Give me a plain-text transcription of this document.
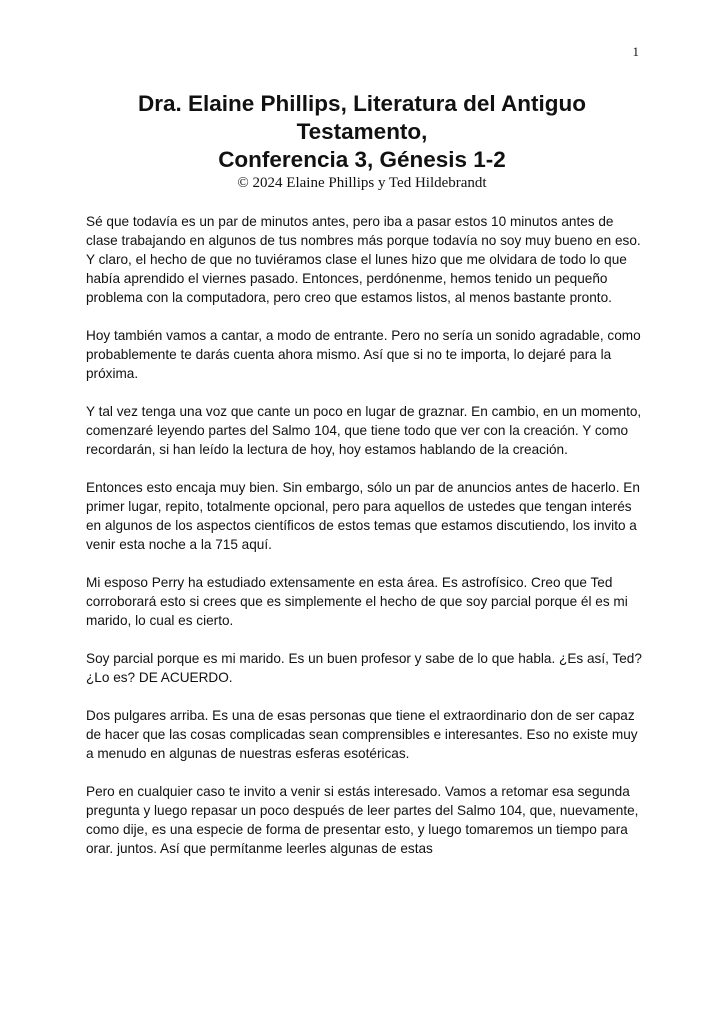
1
Dra. Elaine Phillips, Literatura del Antiguo
Testamento,
Conferencia 3, Génesis 1-2

© 2024 Elaine Phillips y Ted Hildebrandt

Sé que todavía es un par de minutos antes, pero iba a pasar estos 10 minutos antes de clase trabajando en algunos de tus nombres más porque todavía no soy muy bueno en eso. Y claro, el hecho de que no tuviéramos clase el lunes hizo que me olvidara de todo lo que había aprendido el viernes pasado. Entonces, perdónenme, hemos tenido un pequeño problema con la computadora, pero creo que estamos listos, al menos bastante pronto.

Hoy también vamos a cantar, a modo de entrante. Pero no sería un sonido agradable, como probablemente te darás cuenta ahora mismo. Así que si no te importa, lo dejaré para la próxima.

Y tal vez tenga una voz que cante un poco en lugar de graznar. En cambio, en un momento, comenzaré leyendo partes del Salmo 104, que tiene todo que ver con la creación. Y como recordarán, si han leído la lectura de hoy, hoy estamos hablando de la creación.

Entonces esto encaja muy bien. Sin embargo, sólo un par de anuncios antes de hacerlo. En primer lugar, repito, totalmente opcional, pero para aquellos de ustedes que tengan interés en algunos de los aspectos científicos de estos temas que estamos discutiendo, los invito a venir esta noche a la 715 aquí.

Mi esposo Perry ha estudiado extensamente en esta área. Es astrofísico. Creo que Ted corroborará esto si crees que es simplemente el hecho de que soy parcial porque él es mi marido, lo cual es cierto.

Soy parcial porque es mi marido. Es un buen profesor y sabe de lo que habla. ¿Es así, Ted? ¿Lo es? DE ACUERDO.

Dos pulgares arriba. Es una de esas personas que tiene el extraordinario don de ser capaz de hacer que las cosas complicadas sean comprensibles e interesantes. Eso no existe muy a menudo en algunas de nuestras esferas esotéricas.

Pero en cualquier caso te invito a venir si estás interesado. Vamos a retomar esa segunda pregunta y luego repasar un poco después de leer partes del Salmo 104, que, nuevamente, como dije, es una especie de forma de presentar esto, y luego tomaremos un tiempo para orar. juntos. Así que permítanme leerles algunas de estas
